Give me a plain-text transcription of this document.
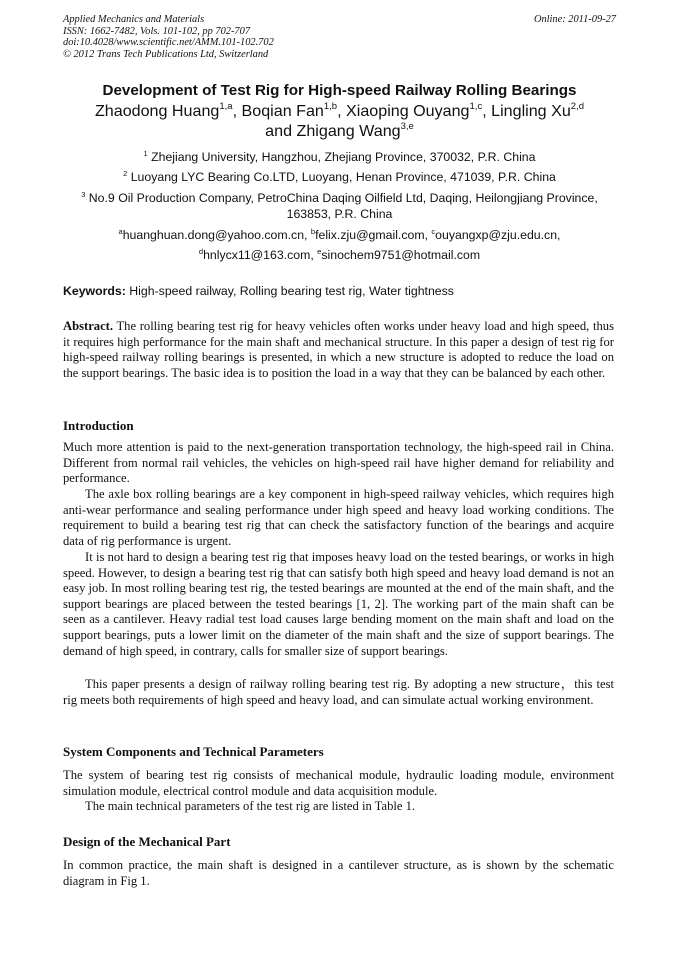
Applied Mechanics and Materials
ISSN: 1662-7482, Vols. 101-102, pp 702-707
doi:10.4028/www.scientific.net/AMM.101-102.702
© 2012 Trans Tech Publications Ltd, Switzerland
Online: 2011-09-27
Development of Test Rig for High-speed Railway Rolling Bearings
Zhaodong Huang$^{1,a}$, Boqian Fan$^{1,b}$, Xiaoping Ouyang$^{1,c}$, Lingling Xu$^{2,d}$
and Zhigang Wang$^{3,e}$
$^1$ Zhejiang University, Hangzhou, Zhejiang Province, 370032, P.R. China
$^2$ Luoyang LYC Bearing Co.LTD, Luoyang, Henan Province, 471039, P.R. China
$^3$ No.9 Oil Production Company, PetroChina Daqing Oilfield Ltd, Daqing, Heilongjiang Province,
163853, P.R. China
$^a$huanghuan.dong@yahoo.com.cn, $^b$felix.zju@gmail.com, $^c$ouyangxp@zju.edu.cn,
$^d$hnlycx11@163.com, $^e$sinochem9751@hotmail.com
Keywords: High-speed railway, Rolling bearing test rig, Water tightness
Abstract. The rolling bearing test rig for heavy vehicles often works under heavy load and high speed, thus it requires high performance for the main shaft and mechanical structure. In this paper a design of test rig for high-speed railway rolling bearings is presented, in which a new structure is adopted to reduce the load on the support bearings. The basic idea is to position the load in a way that they can be balanced by each other.
Introduction
Much more attention is paid to the next-generation transportation technology, the high-speed rail in China. Different from normal rail vehicles, the vehicles on high-speed rail have higher demand for reliability and performance.
The axle box rolling bearings are a key component in high-speed railway vehicles, which requires high anti-wear performance and sealing performance under high speed and heavy load working conditions. The requirement to build a bearing test rig that can check the satisfactory function of the bearings and acquire data of rig performance is urgent.
It is not hard to design a bearing test rig that imposes heavy load on the tested bearings, or works in high speed. However, to design a bearing test rig that can satisfy both high speed and heavy load demand is not an easy job. In most rolling bearing test rig, the tested bearings are mounted at the end of the main shaft, and the support bearings are placed between the tested bearings [1, 2]. The working part of the main shaft can be seen as a cantilever. Heavy radial test load causes large bending moment on the main shaft and load on the support bearings, puts a lower limit on the diameter of the main shaft and the size of support bearings. The demand of high speed, in contrary, calls for smaller size of support bearings.
This paper presents a design of railway rolling bearing test rig. By adopting a new structure，this test rig meets both requirements of high speed and heavy load, and can simulate actual working environment.
System Components and Technical Parameters
The system of bearing test rig consists of mechanical module, hydraulic loading module, environment simulation module, electrical control module and data acquisition module.
The main technical parameters of the test rig are listed in Table 1.
Design of the Mechanical Part
In common practice, the main shaft is designed in a cantilever structure, as is shown by the schematic diagram in Fig 1.
